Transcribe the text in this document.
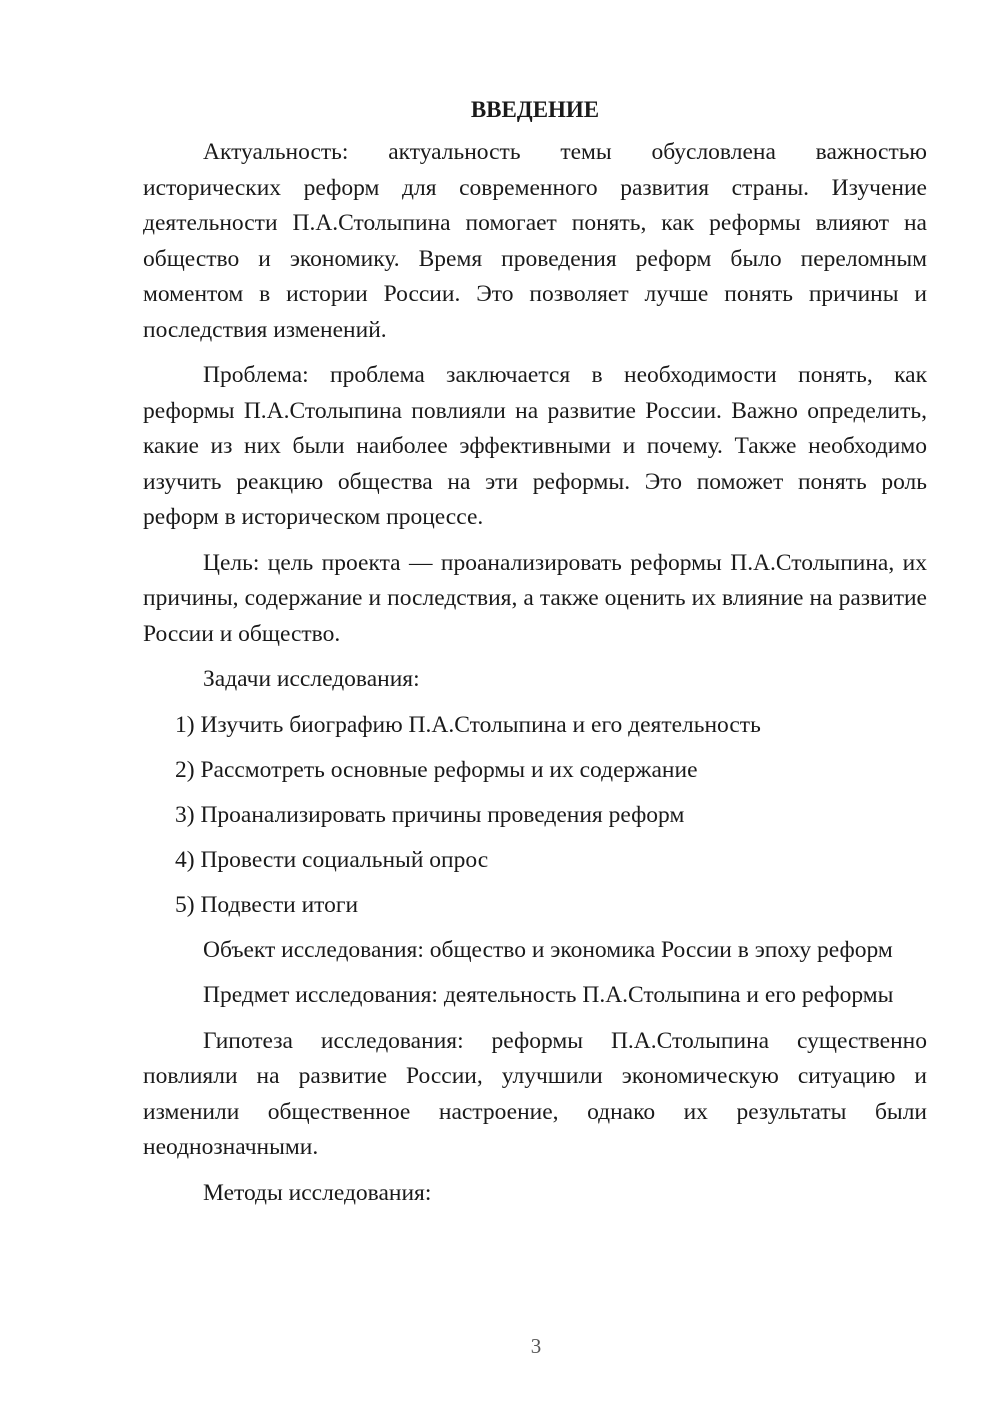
ВВЕДЕНИЕ

Актуальность: актуальность темы обусловлена важностью исторических реформ для современного развития страны. Изучение деятельности П.А.Столыпина помогает понять, как реформы влияют на общество и экономику. Время проведения реформ было переломным моментом в истории России. Это позволяет лучше понять причины и последствия изменений.

Проблема: проблема заключается в необходимости понять, как реформы П.А.Столыпина повлияли на развитие России. Важно определить, какие из них были наиболее эффективными и почему. Также необходимо изучить реакцию общества на эти реформы. Это поможет понять роль реформ в историческом процессе.

Цель: цель проекта — проанализировать реформы П.А.Столыпина, их причины, содержание и последствия, а также оценить их влияние на развитие России и общество.

Задачи исследования:

1) Изучить биографию П.А.Столыпина и его деятельность
2) Рассмотреть основные реформы и их содержание
3) Проанализировать причины проведения реформ
4) Провести социальный опрос
5) Подвести итоги

Объект исследования: общество и экономика России в эпоху реформ

Предмет исследования: деятельность П.А.Столыпина и его реформы

Гипотеза исследования: реформы П.А.Столыпина существенно повлияли на развитие России, улучшили экономическую ситуацию и изменили общественное настроение, однако их результаты были неоднозначными.

Методы исследования:

3
